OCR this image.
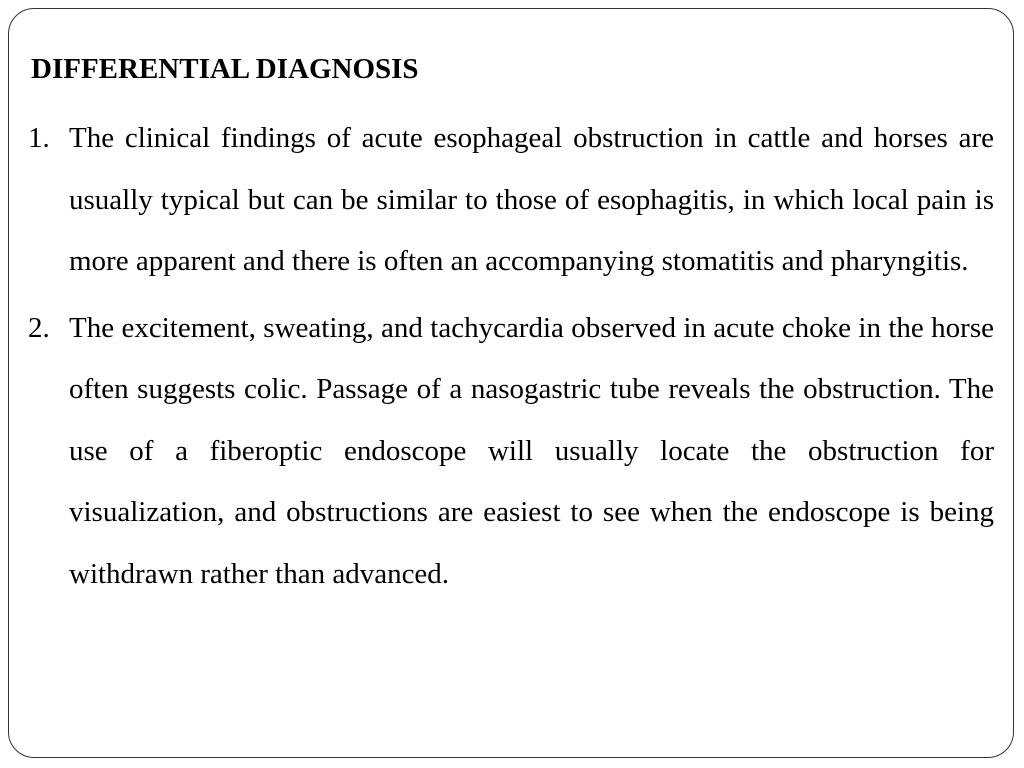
DIFFERENTIAL DIAGNOSIS
1. The clinical findings of acute esophageal obstruction in cattle and horses are usually typical but can be similar to those of esophagitis, in which local pain is more apparent and there is often an accompanying stomatitis and pharyngitis.
2. The excitement, sweating, and tachycardia observed in acute choke in the horse often suggests colic. Passage of a nasogastric tube reveals the obstruction. The use of a fiberoptic endoscope will usually locate the obstruction for visualization, and obstructions are easiest to see when the endoscope is being withdrawn rather than advanced.
